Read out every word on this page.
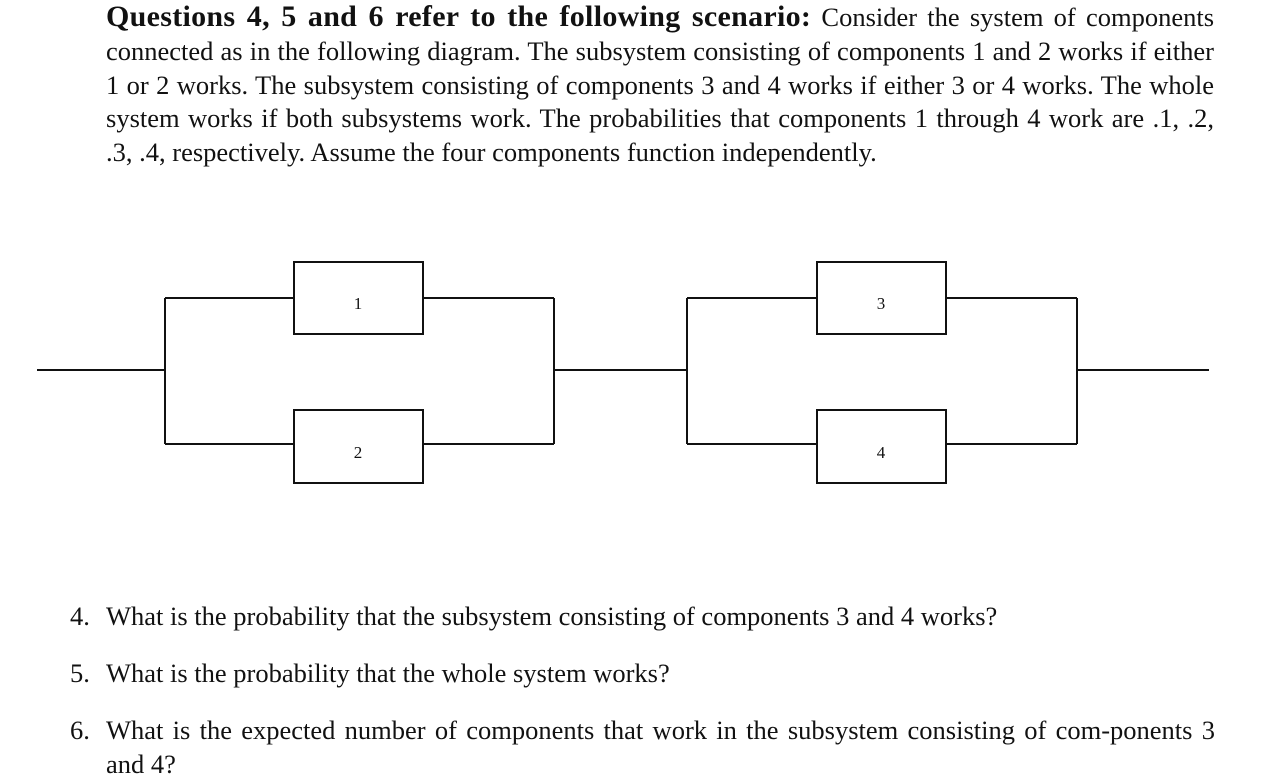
Questions 4, 5 and 6 refer to the following scenario: Consider the system of components connected as in the following diagram. The subsystem consisting of components 1 and 2 works if either 1 or 2 works. The subsystem consisting of components 3 and 4 works if either 3 or 4 works. The whole system works if both subsystems work. The probabilities that components 1 through 4 work are .1, .2, .3, .4, respectively. Assume the four components function independently.
1
2
3
4
4. What is the probability that the subsystem consisting of components 3 and 4 works?
5. What is the probability that the whole system works?
6. What is the expected number of components that work in the subsystem consisting of com-ponents 3 and 4?
